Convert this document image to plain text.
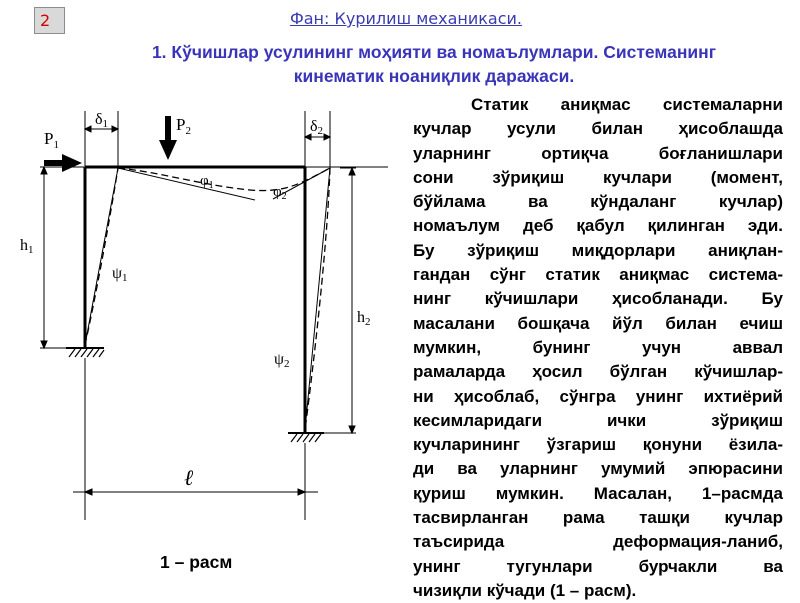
2	Фан: Курилиш механикаси.
1. Кўчишлар усулининг моҳияти ва номаълумлари. Системанинг
кинематик ноаниқлик даражаси.
Статик аниқмас системаларни
кучлар усули билан ҳисоблашда
уларнинг ортиқча боғланишлари
сони зўриқиш кучлари (момент,
бўйлама ва кўндаланг кучлар)
номаълум деб қабул қилинган эди.
Бу зўриқиш миқдорлари аниқлан-
гандан сўнг статик аниқмас система-
нинг кўчишлари ҳисобланади. Бу
масалани бошқача йўл билан ечиш
мумкин, бунинг учун аввал
рамаларда ҳосил бўлган кўчишлар-
ни ҳисоблаб, сўнгра унинг ихтиёрий
кесимларидаги ички зўриқиш
кучларининг ўзгариш қонуни ёзила-
ди ва уларнинг умумий эпюрасини
қуриш мумкин. Масалан, 1–расмда
тасвирланган рама ташқи кучлар
таъсирида деформация-ланиб,
унинг тугунлари бурчакли ва
чизиқли кўчади (1 – расм).
δ1	δ2
$P_1$
$P_2$
$\varphi_1$	$\varphi_2$
ψ1
ψ2
h1
h2
ℓ
1 – расм
